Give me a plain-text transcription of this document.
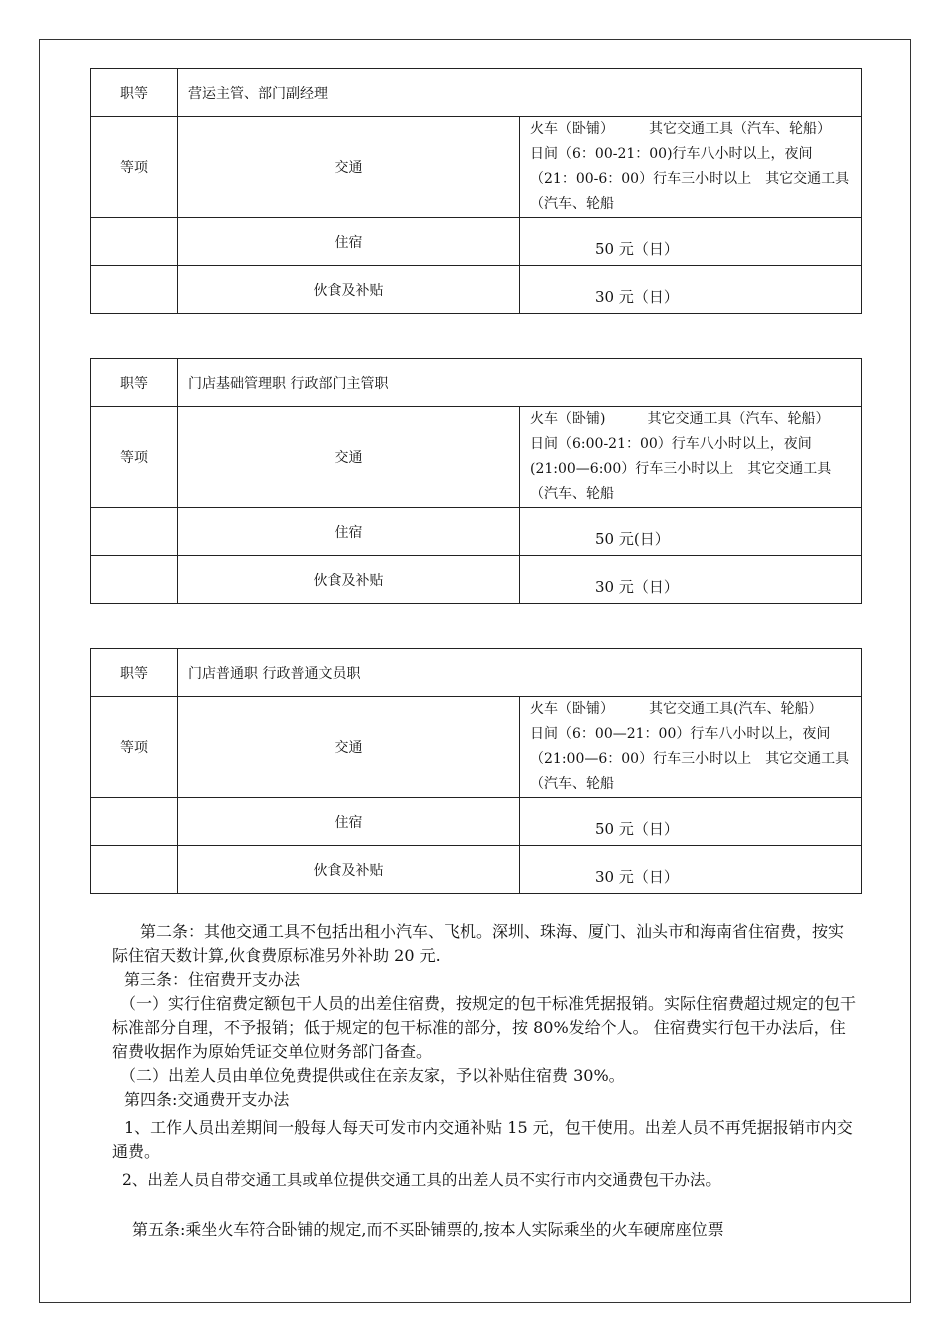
职等	营运主管、部门副经理	
等项	交通	火车（卧铺）　　　其它交通工具（汽车、轮船）　　　日间（6：00-21：00)行车八小时以上，夜间（21：00-6：00）行车三小时以上　其它交通工具（汽车、轮船
	住宿	50 元（日）
	伙食及补贴	30 元（日）
职等	门店基础管理职 行政部门主管职	
等项	交通	火车（卧铺)　　　其它交通工具（汽车、轮船）　　　日间（6:00-21：00）行车八小时以上，夜间(21:00—6:00）行车三小时以上　其它交通工具（汽车、轮船
	住宿	50 元(日）
	伙食及补贴	30 元（日）
职等	门店普通职 行政普通文员职	
等项	交通	火车（卧铺）　　　其它交通工具(汽车、轮船）　　　日间（6：00—21：00）行车八小时以上，夜间（21:00—6：00）行车三小时以上　其它交通工具（汽车、轮船
	住宿	50 元（日）
	伙食及补贴	30 元（日）

第二条：其他交通工具不包括出租小汽车、飞机。深圳、珠海、厦门、汕头市和海南省住宿费，按实际住宿天数计算,伙食费原标准另外补助 20 元.

第三条：住宿费开支办法

（一）实行住宿费定额包干人员的出差住宿费，按规定的包干标准凭据报销。实际住宿费超过规定的包干标准部分自理，不予报销；低于规定的包干标准的部分，按 80%发给个人。 住宿费实行包干办法后，住宿费收据作为原始凭证交单位财务部门备查。

（二）出差人员由单位免费提供或住在亲友家，予以补贴住宿费 30%。

第四条:交通费开支办法

1、工作人员出差期间一般每人每天可发市内交通补贴 15 元，包干使用。出差人员不再凭据报销市内交通费。

2、出差人员自带交通工具或单位提供交通工具的出差人员不实行市内交通费包干办法。

第五条:乘坐火车符合卧铺的规定,而不买卧铺票的,按本人实际乘坐的火车硬席座位票
